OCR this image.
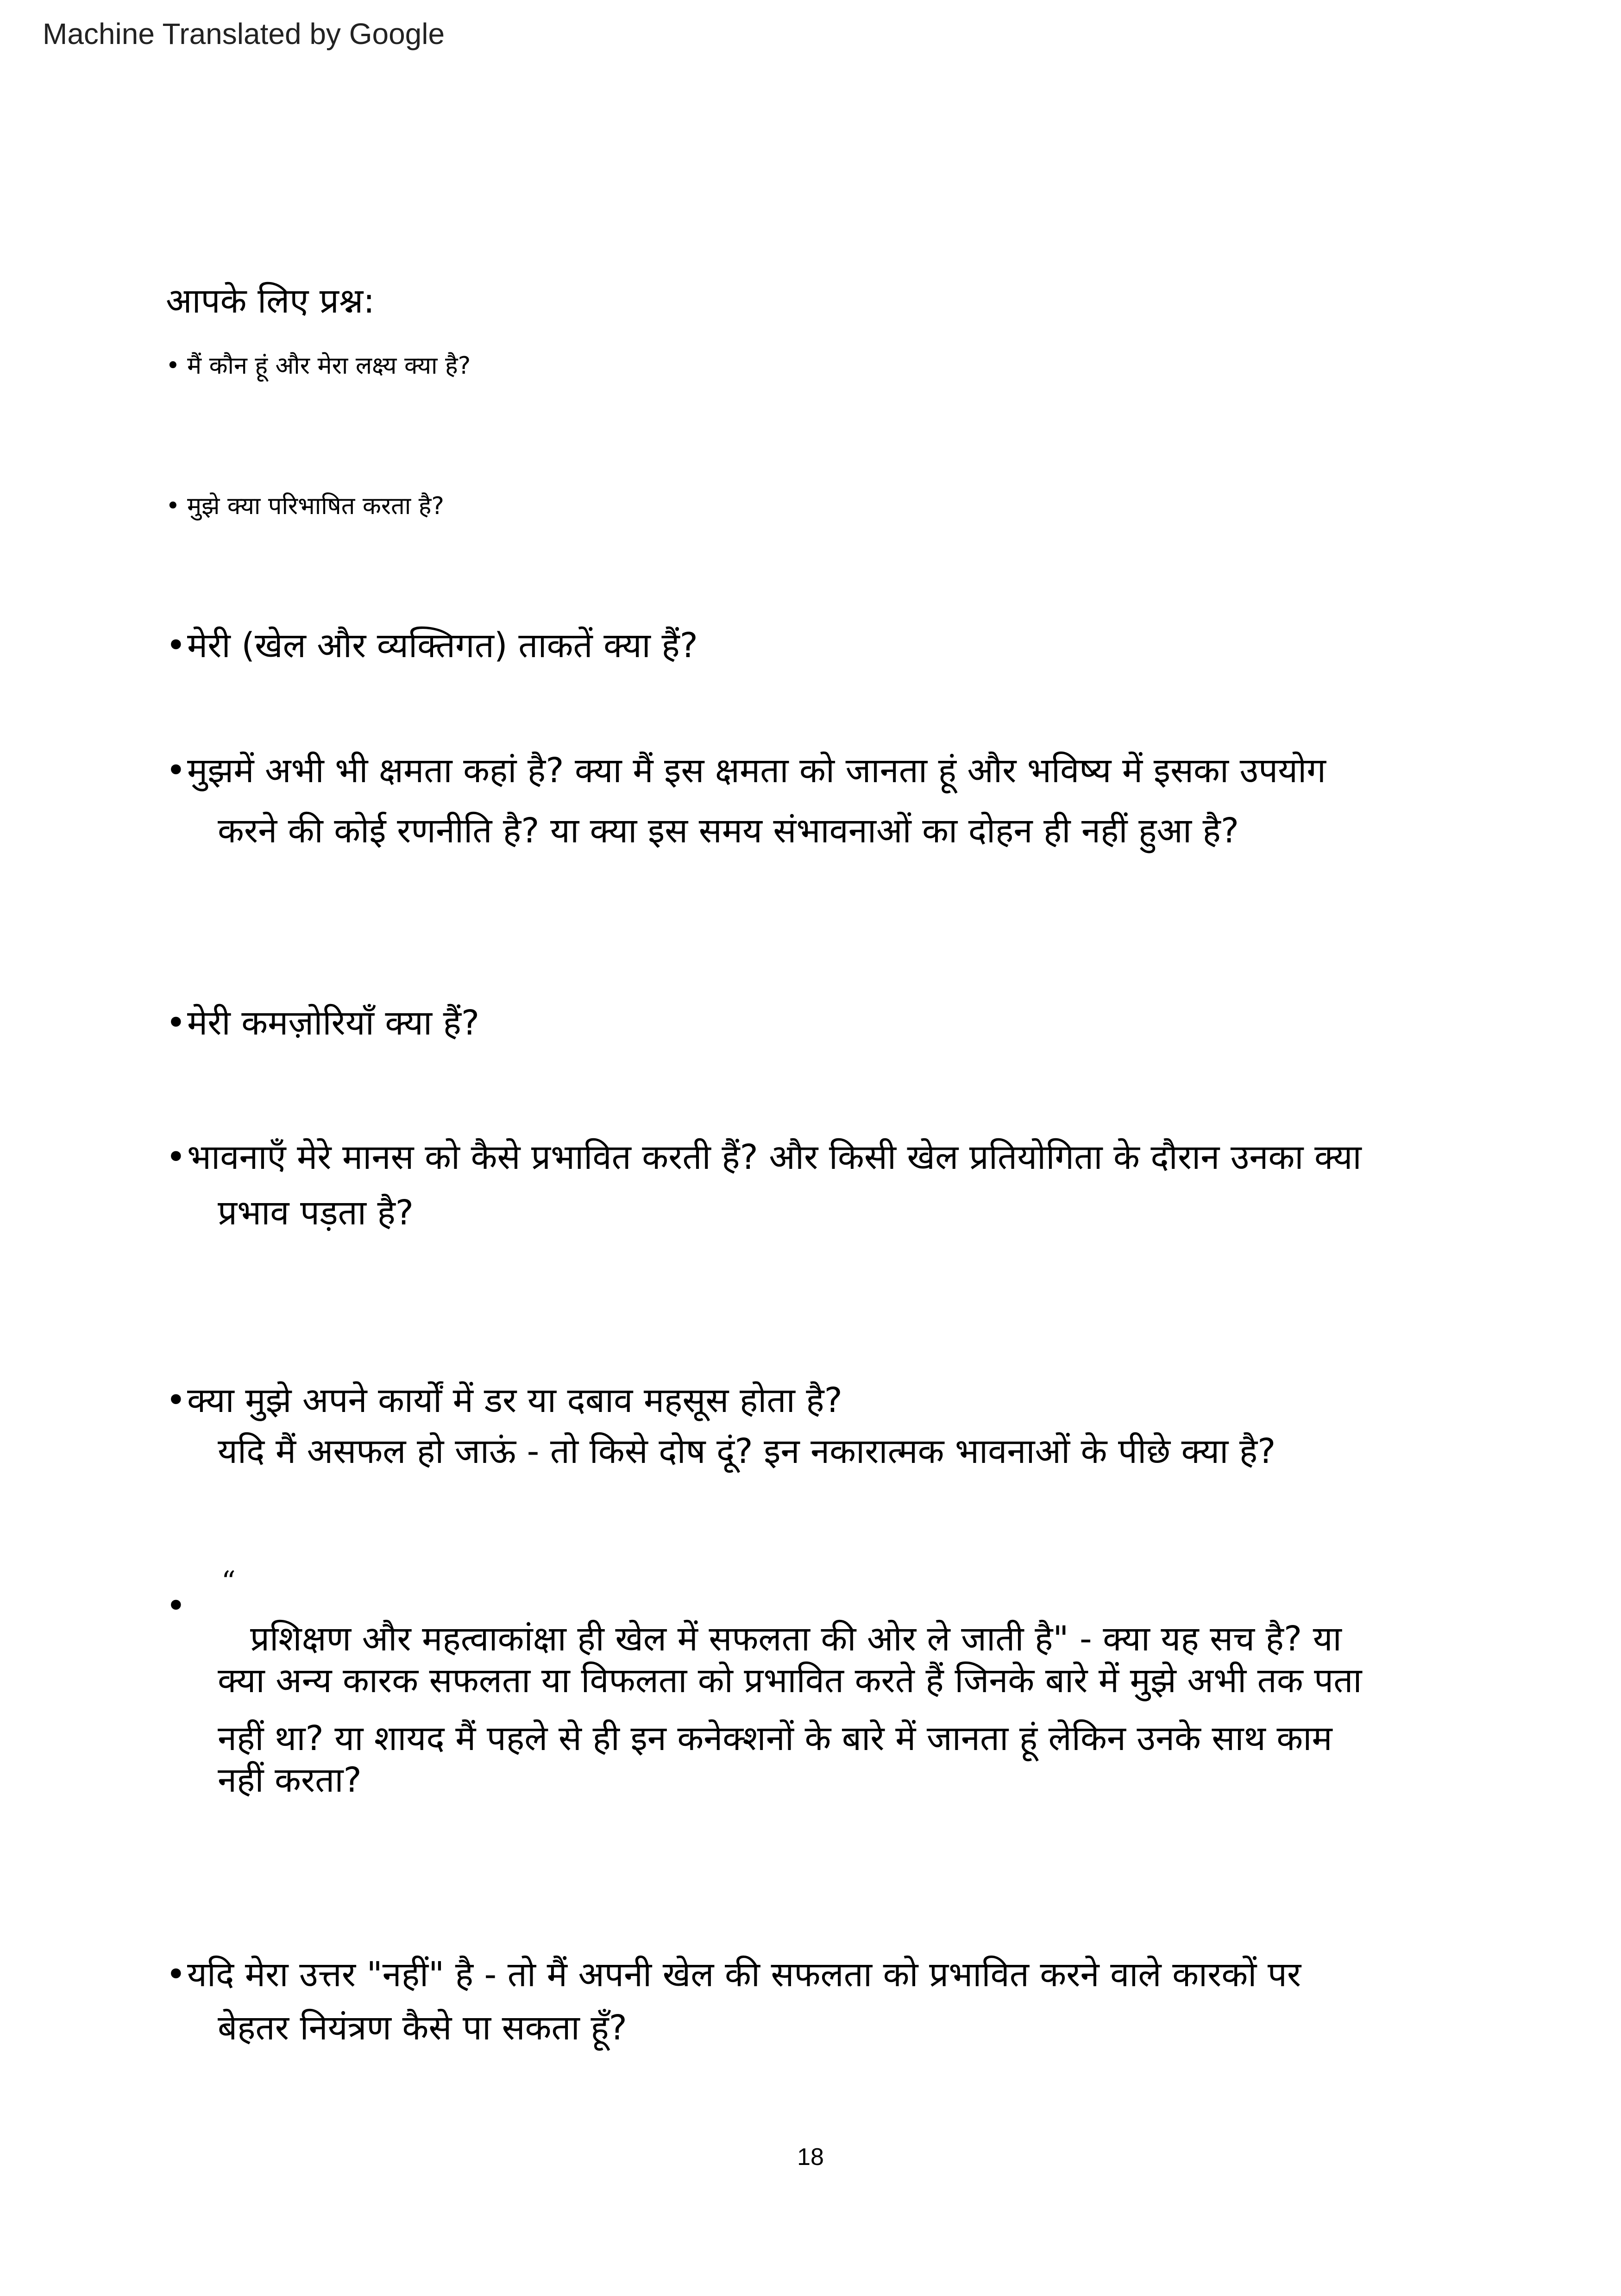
Machine Translated by Google
आपके लिए प्रश्न:
• मैं कौन हूं और मेरा लक्ष्य क्या है?
• मुझे क्या परिभाषित करता है?
•मेरी (खेल और व्यक्तिगत) ताकतें क्या हैं?
•मुझमें अभी भी क्षमता कहां है? क्या मैं इस क्षमता को जानता हूं और भविष्य में इसका उपयोग
करने की कोई रणनीति है? या क्या इस समय संभावनाओं का दोहन ही नहीं हुआ है?
•मेरी कमज़ोरियाँ क्या हैं?
•भावनाएँ मेरे मानस को कैसे प्रभावित करती हैं? और किसी खेल प्रतियोगिता के दौरान उनका क्या
प्रभाव पड़ता है?
•क्या मुझे अपने कार्यों में डर या दबाव महसूस होता है?
यदि मैं असफल हो जाऊं - तो किसे दोष दूं? इन नकारात्मक भावनाओं के पीछे क्या है?
•
“
प्रशिक्षण और महत्वाकांक्षा ही खेल में सफलता की ओर ले जाती है" - क्या यह सच है? या
क्या अन्य कारक सफलता या विफलता को प्रभावित करते हैं जिनके बारे में मुझे अभी तक पता
नहीं था? या शायद मैं पहले से ही इन कनेक्शनों के बारे में जानता हूं लेकिन उनके साथ काम
नहीं करता?
•यदि मेरा उत्तर "नहीं" है - तो मैं अपनी खेल की सफलता को प्रभावित करने वाले कारकों पर
बेहतर नियंत्रण कैसे पा सकता हूँ?
18
